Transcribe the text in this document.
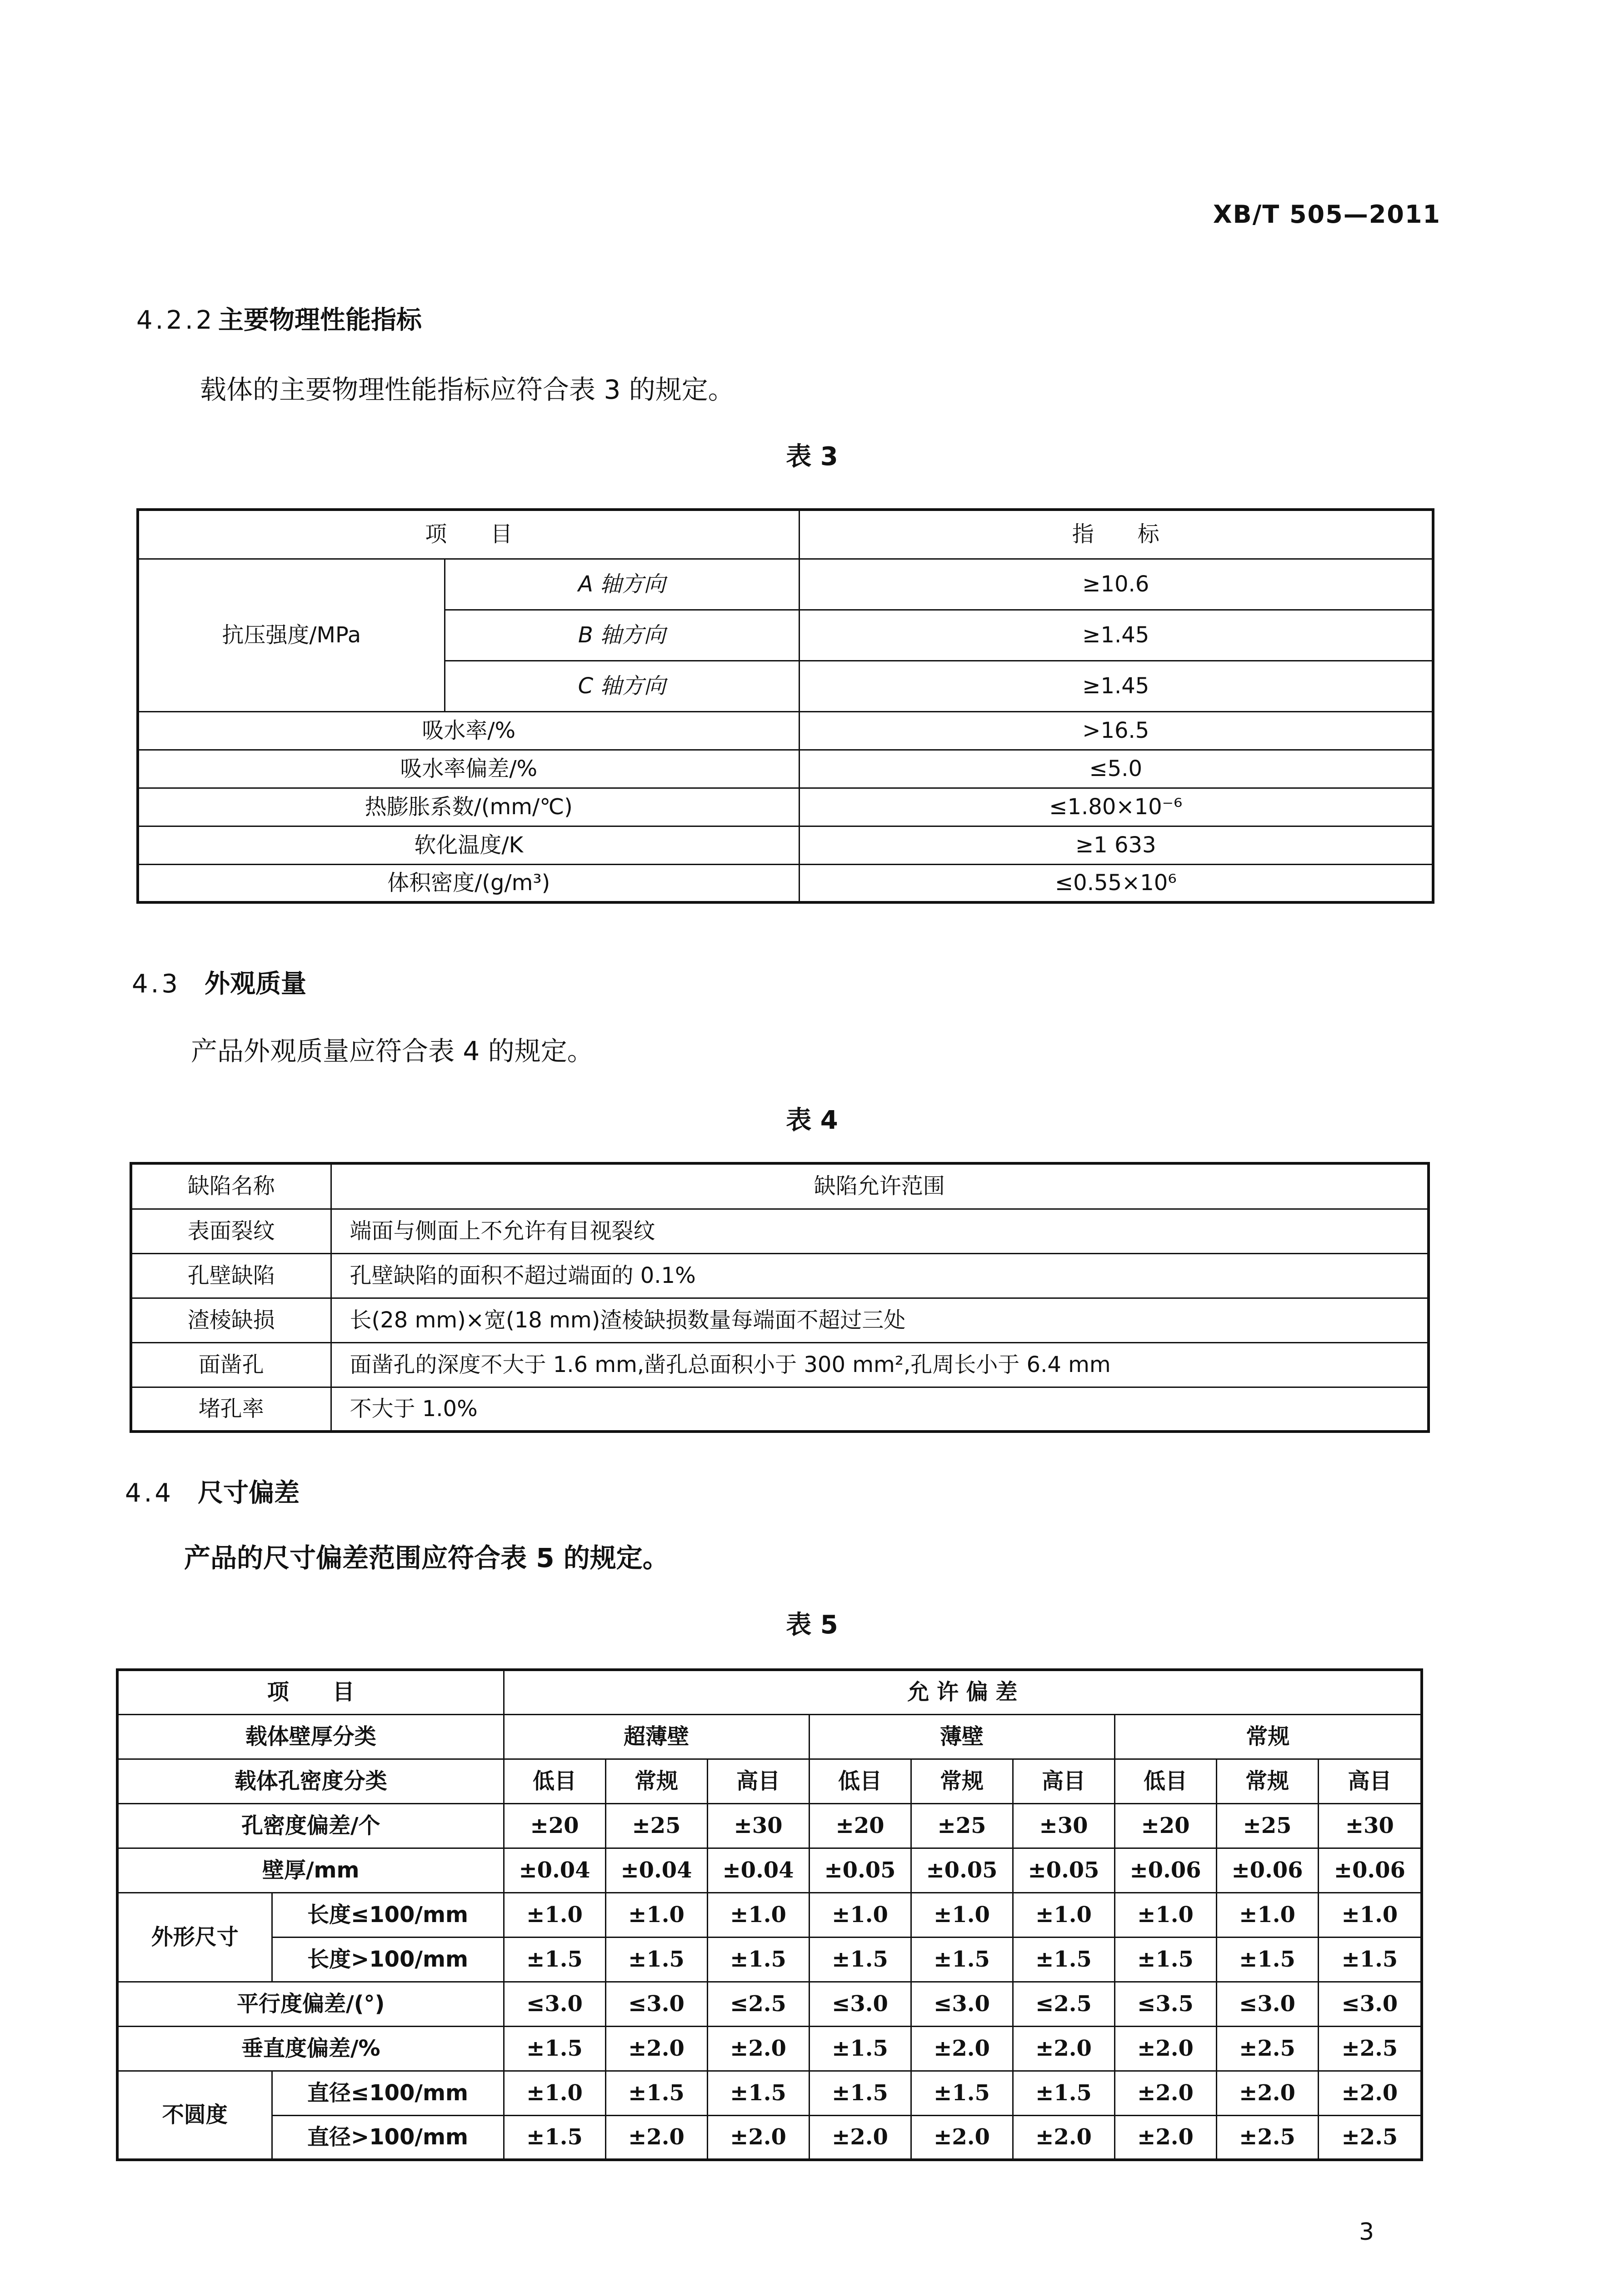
XB/T 505—2011
4.2.2 主要物理性能指标
载体的主要物理性能指标应符合表 3 的规定。
表 3
项　　目		指　　标
抗压强度/MPa	A 轴方向	≥10.6
	B 轴方向	≥1.45
	C 轴方向	≥1.45
吸水率/%		>16.5
吸水率偏差/%		≤5.0
热膨胀系数/(mm/℃)		≤1.80×10⁻⁶
软化温度/K		≥1 633
体积密度/(g/m³)		≤0.55×10⁶
4.3 外观质量
产品外观质量应符合表 4 的规定。
表 4
缺陷名称	缺陷允许范围
表面裂纹	端面与侧面上不允许有目视裂纹
孔壁缺陷	孔壁缺陷的面积不超过端面的 0.1%
渣棱缺损	长(28 mm)×宽(18 mm)渣棱缺损数量每端面不超过三处
面凿孔	面凿孔的深度不大于 1.6 mm,凿孔总面积小于 300 mm²,孔周长小于 6.4 mm
堵孔率	不大于 1.0%
4.4 尺寸偏差
产品的尺寸偏差范围应符合表 5 的规定。
表 5
项　　目		允 许 偏 差								
载体壁厚分类		超薄壁			薄壁			常规		
载体孔密度分类		低目	常规	高目	低目	常规	高目	低目	常规	高目
孔密度偏差/个		±20	±25	±30	±20	±25	±30	±20	±25	±30
壁厚/mm		±0.04	±0.04	±0.04	±0.05	±0.05	±0.05	±0.06	±0.06	±0.06
外形尺寸	长度≤100/mm	±1.0	±1.0	±1.0	±1.0	±1.0	±1.0	±1.0	±1.0	±1.0
	长度>100/mm	±1.5	±1.5	±1.5	±1.5	±1.5	±1.5	±1.5	±1.5	±1.5
平行度偏差/(°)		≤3.0	≤3.0	≤2.5	≤3.0	≤3.0	≤2.5	≤3.5	≤3.0	≤3.0
垂直度偏差/%		±1.5	±2.0	±2.0	±1.5	±2.0	±2.0	±2.0	±2.5	±2.5
不圆度	直径≤100/mm	±1.0	±1.5	±1.5	±1.5	±1.5	±1.5	±2.0	±2.0	±2.0
	直径>100/mm	±1.5	±2.0	±2.0	±2.0	±2.0	±2.0	±2.0	±2.5	±2.5
3
